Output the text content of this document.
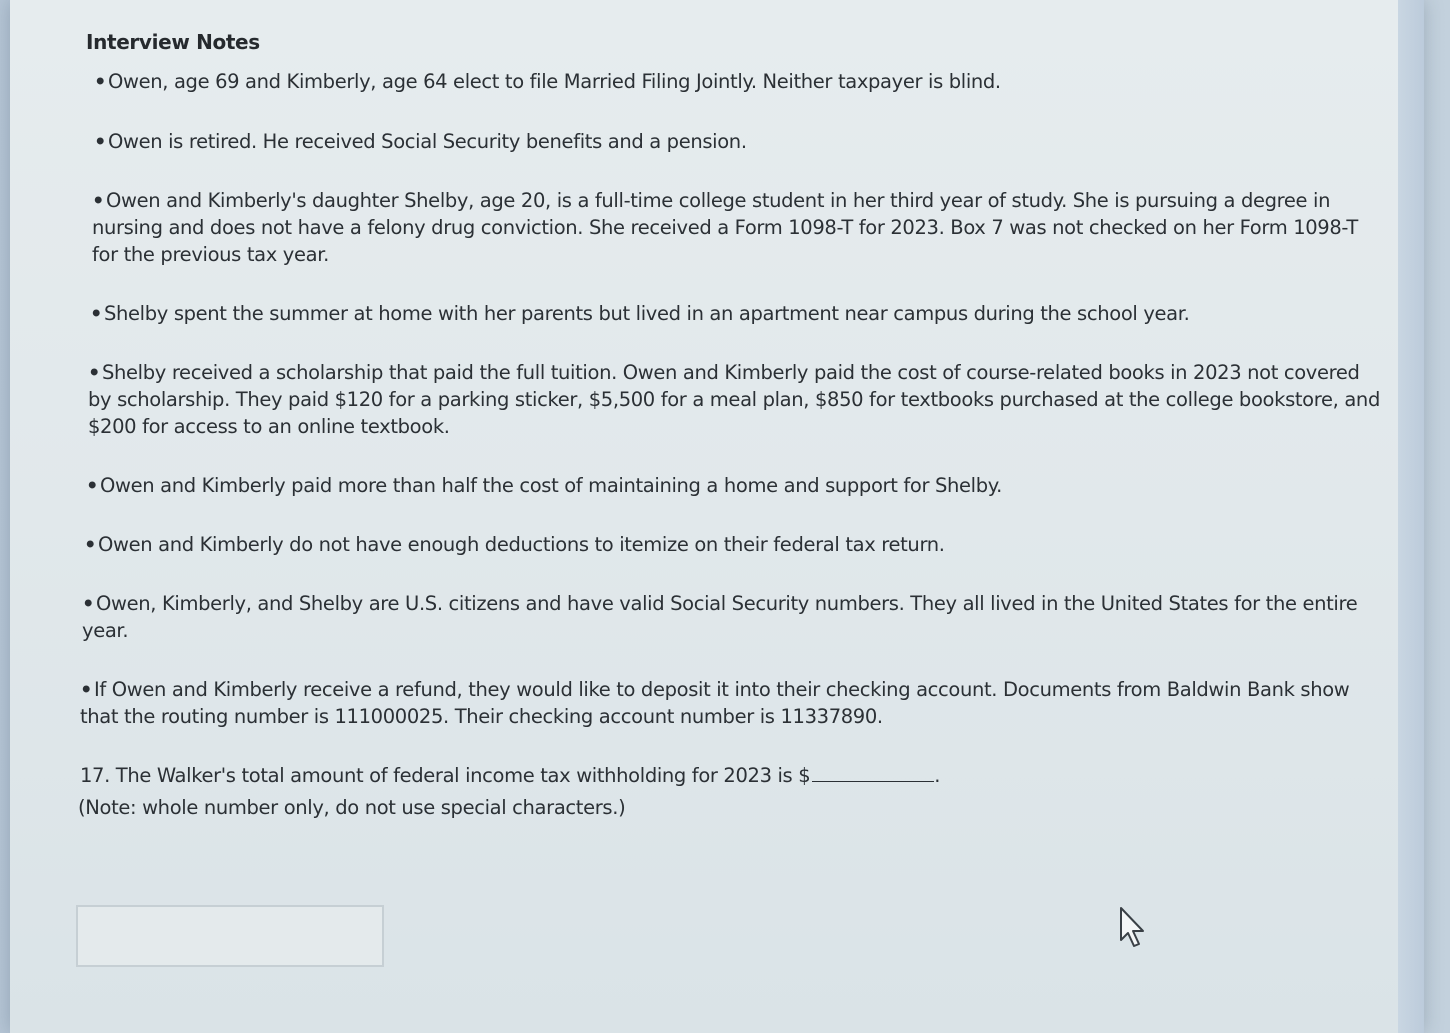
Interview Notes

•Owen, age 69 and Kimberly, age 64 elect to file Married Filing Jointly. Neither taxpayer is blind.

•Owen is retired. He received Social Security benefits and a pension.

•Owen and Kimberly's daughter Shelby, age 20, is a full-time college student in her third year of study. She is pursuing a degree in nursing and does not have a felony drug conviction. She received a Form 1098-T for 2023. Box 7 was not checked on her Form 1098-T for the previous tax year.

•Shelby spent the summer at home with her parents but lived in an apartment near campus during the school year.

•Shelby received a scholarship that paid the full tuition. Owen and Kimberly paid the cost of course-related books in 2023 not covered by scholarship. They paid $120 for a parking sticker, $5,500 for a meal plan, $850 for textbooks purchased at the college bookstore, and $200 for access to an online textbook.

•Owen and Kimberly paid more than half the cost of maintaining a home and support for Shelby.

•Owen and Kimberly do not have enough deductions to itemize on their federal tax return.

•Owen, Kimberly, and Shelby are U.S. citizens and have valid Social Security numbers. They all lived in the United States for the entire year.

•If Owen and Kimberly receive a refund, they would like to deposit it into their checking account. Documents from Baldwin Bank show that the routing number is 111000025. Their checking account number is 11337890.

17. The Walker's total amount of federal income tax withholding for 2023 is $	.

(Note: whole number only, do not use special characters.)
